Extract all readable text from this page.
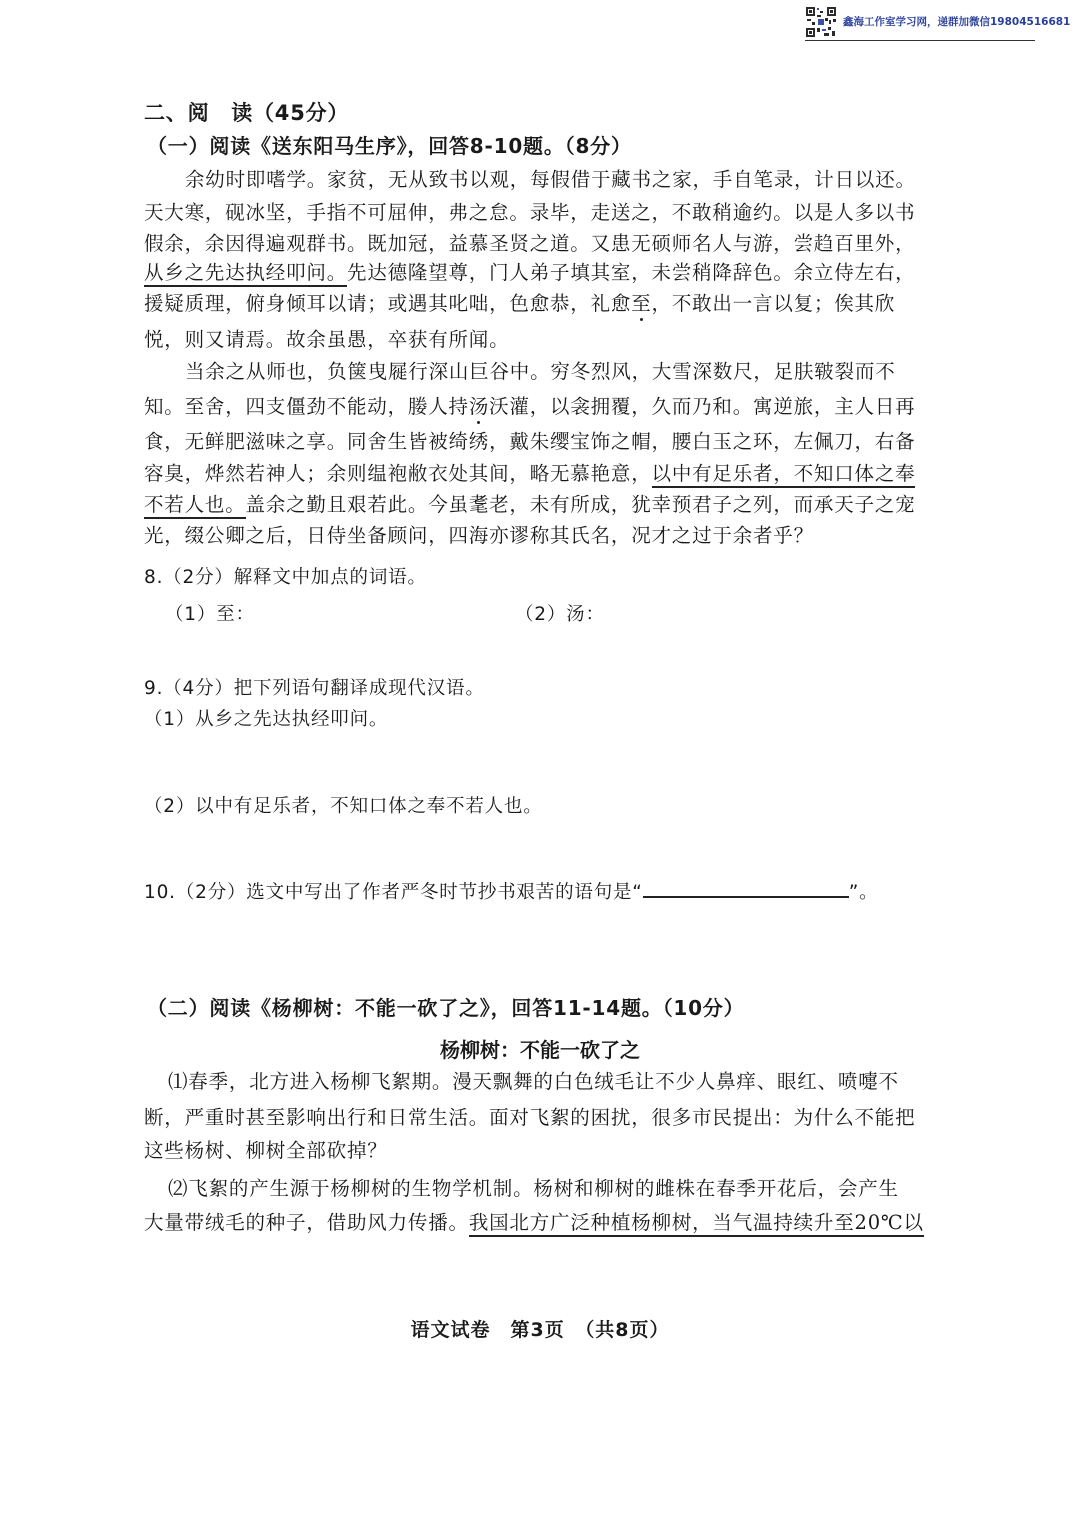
鑫海工作室学习网，递群加微信19804516681
二、阅　读（45分）
（一）阅读《送东阳马生序》，回答8-10题。（8分）
余幼时即嗜学。家贫，无从致书以观，每假借于藏书之家，手自笔录，计日以还。
天大寒，砚冰坚，手指不可屈伸，弗之怠。录毕，走送之，不敢稍逾约。以是人多以书
假余，余因得遍观群书。既加冠，益慕圣贤之道。又患无硕师名人与游，尝趋百里外，
从乡之先达执经叩问。先达德隆望尊，门人弟子填其室，未尝稍降辞色。余立侍左右，
援疑质理，俯身倾耳以请；或遇其叱咄，色愈恭，礼愈至，不敢出一言以复；俟其欣
悦，则又请焉。故余虽愚，卒获有所闻。
当余之从师也，负箧曳屣行深山巨谷中。穷冬烈风，大雪深数尺，足肤皲裂而不
知。至舍，四支僵劲不能动，媵人持汤沃灌，以衾拥覆，久而乃和。寓逆旅，主人日再
食，无鲜肥滋味之享。同舍生皆被绮绣，戴朱缨宝饰之帽，腰白玉之环，左佩刀，右备
容臭，烨然若神人；余则缊袍敝衣处其间，略无慕艳意，以中有足乐者，不知口体之奉
不若人也。盖余之勤且艰若此。今虽耄老，未有所成，犹幸预君子之列，而承天子之宠
光，缀公卿之后，日侍坐备顾问，四海亦谬称其氏名，况才之过于余者乎？
8.（2分）解释文中加点的词语。
（1）至：	（2）汤：
9.（4分）把下列语句翻译成现代汉语。
（1）从乡之先达执经叩问。
（2）以中有足乐者，不知口体之奉不若人也。
10.（2分）选文中写出了作者严冬时节抄书艰苦的语句是“	”。
（二）阅读《杨柳树：不能一砍了之》，回答11-14题。（10分）
杨柳树：不能一砍了之
⑴春季，北方进入杨柳飞絮期。漫天飘舞的白色绒毛让不少人鼻痒、眼红、喷嚏不
断，严重时甚至影响出行和日常生活。面对飞絮的困扰，很多市民提出：为什么不能把
这些杨树、柳树全部砍掉？
⑵飞絮的产生源于杨柳树的生物学机制。杨树和柳树的雌株在春季开花后，会产生
大量带绒毛的种子，借助风力传播。我国北方广泛种植杨柳树，当气温持续升至20℃以
语文试卷　第3页　（共8页）
